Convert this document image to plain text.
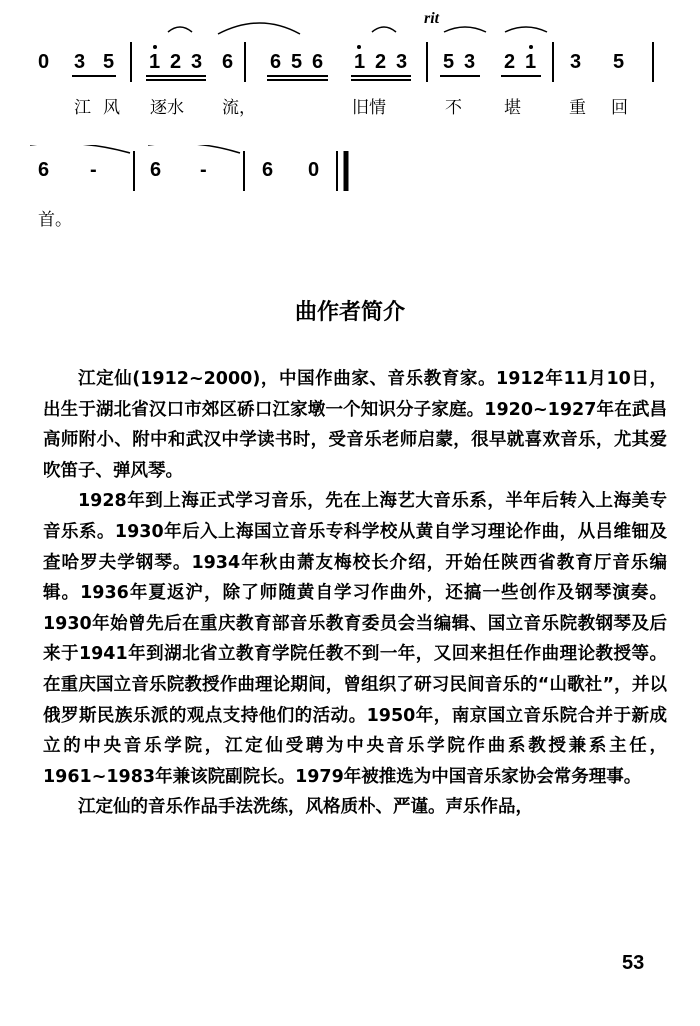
rit
0 3 5 1 2 3 6 6 5 6 1 2 3 5 3 2 1 3 5
江 风 逐水 流，	旧情	不 堪	重 回
6 -	6 -	6 0
首。
曲作者简介

江定仙(1912~2000)，中国作曲家、音乐教育家。1912年11月10日，出生于湖北省汉口市郊区硚口江家墩一个知识分子家庭。1920~1927年在武昌高师附小、附中和武汉中学读书时，受音乐老师启蒙，很早就喜欢音乐，尤其爱吹笛子、弹风琴。

1928年到上海正式学习音乐，先在上海艺大音乐系，半年后转入上海美专音乐系。1930年后入上海国立音乐专科学校从黄自学习理论作曲，从吕维钿及查哈罗夫学钢琴。1934年秋由萧友梅校长介绍，开始任陕西省教育厅音乐编辑。1936年夏返沪，除了师随黄自学习作曲外，还搞一些创作及钢琴演奏。1930年始曾先后在重庆教育部音乐教育委员会当编辑、国立音乐院教钢琴及后来于1941年到湖北省立教育学院任教不到一年，又回来担任作曲理论教授等。在重庆国立音乐院教授作曲理论期间，曾组织了研习民间音乐的“山歌社”，并以俄罗斯民族乐派的观点支持他们的活动。1950年，南京国立音乐院合并于新成立的中央音乐学院，江定仙受聘为中央音乐学院作曲系教授兼系主任，1961~1983年兼该院副院长。1979年被推选为中国音乐家协会常务理事。

江定仙的音乐作品手法洗练，风格质朴、严谨。声乐作品，

53
